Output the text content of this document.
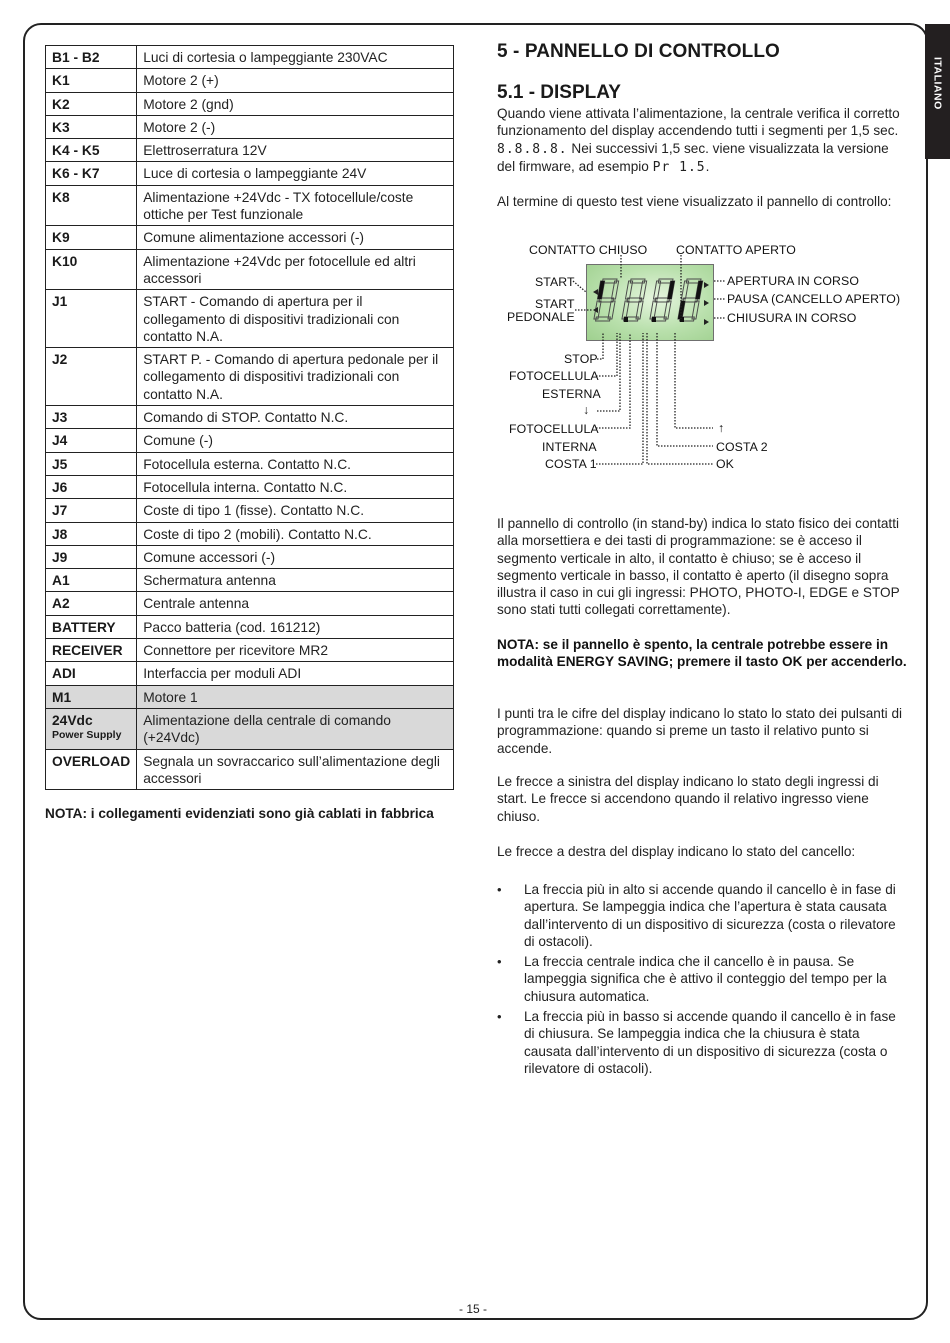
ITALIANO
B1 - B2	Luci di cortesia o lampeggiante 230VAC
K1	Motore 2 (+)
K2	Motore 2 (gnd)
K3	Motore 2 (-)
K4 - K5	Elettroserratura 12V
K6 - K7	Luce di cortesia o lampeggiante 24V
K8	Alimentazione +24Vdc - TX fotocellule/coste ottiche per Test funzionale
K9	Comune alimentazione accessori (-)
K10	Alimentazione +24Vdc per fotocellule ed altri accessori
J1	START - Comando di apertura per il collegamento di dispositivi tradizionali con contatto N.A.
J2	START P. - Comando di apertura pedonale per il collegamento di dispositivi tradizionali con contatto N.A.
J3	Comando di STOP. Contatto N.C.
J4	Comune (-)
J5	Fotocellula esterna. Contatto N.C.
J6	Fotocellula interna. Contatto N.C.
J7	Coste di tipo 1 (fisse). Contatto N.C.
J8	Coste di tipo 2 (mobili). Contatto N.C.
J9	Comune accessori (-)
A1	Schermatura antenna
A2	Centrale antenna
BATTERY	Pacco batteria (cod. 161212)
RECEIVER	Connettore per ricevitore MR2
ADI	Interfaccia per moduli ADI
M1	Motore 1
24Vdc
Power Supply	Alimentazione della centrale di comando (+24Vdc)
OVERLOAD	Segnala un sovraccarico sull’alimentazione degli accessori
NOTA: i collegamenti evidenziati sono già cablati in fabbrica
5 - PANNELLO DI CONTROLLO
5.1 - DISPLAY
Quando viene attivata l’alimentazione, la centrale verifica il corretto funzionamento del display accendendo tutti i segmenti per 1,5 sec. 8.8.8.8. Nei successivi 1,5 sec. viene visualizzata la versione del firmware, ad esempio Pr 1.5.
Al termine di questo test viene visualizzato il pannello di controllo:
CONTATTO CHIUSO CONTATTO APERTO
START
START
PEDONALE
APERTURA IN CORSO
PAUSA (CANCELLO APERTO)
CHIUSURA IN CORSO
STOP
FOTOCELLULA
ESTERNA
↓
FOTOCELLULA
INTERNA
COSTA 1
↑
COSTA 2
OK
Il pannello di controllo (in stand-by) indica lo stato fisico dei contatti alla morsettiera e dei tasti di programmazione: se è acceso il segmento verticale in alto, il contatto è chiuso; se è acceso il segmento verticale in basso, il contatto è aperto (il disegno sopra illustra il caso in cui gli ingressi: PHOTO, PHOTO-I, EDGE e STOP sono stati tutti collegati correttamente).
NOTA: se il pannello è spento, la centrale potrebbe essere in modalità ENERGY SAVING; premere il tasto OK per accenderlo.
I punti tra le cifre del display indicano lo stato lo stato dei pulsanti di programmazione: quando si preme un tasto il relativo punto si accende.
Le frecce a sinistra del display indicano lo stato degli ingressi di start. Le frecce si accendono quando il relativo ingresso viene chiuso.
Le frecce a destra del display indicano lo stato del cancello:
• La freccia più in alto si accende quando il cancello è in fase di apertura. Se lampeggia indica che l’apertura è stata causata dall’intervento di un dispositivo di sicurezza (costa o rilevatore di ostacoli).
• La freccia centrale indica che il cancello è in pausa. Se lampeggia significa che è attivo il conteggio del tempo per la chiusura automatica.
• La freccia più in basso si accende quando il cancello è in fase di chiusura. Se lampeggia indica che la chiusura è stata causata dall’intervento di un dispositivo di sicurezza (costa o rilevatore di ostacoli).
- 15 -
